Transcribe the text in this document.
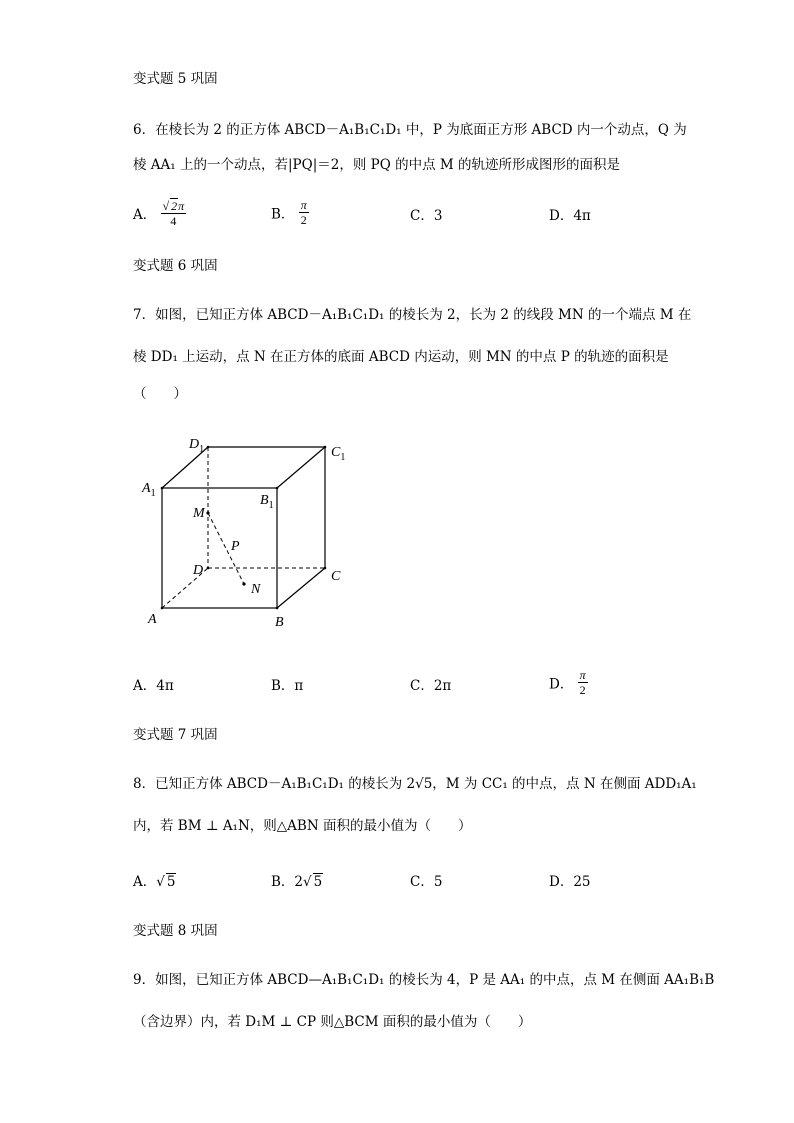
变式题 5 巩固
6．在棱长为 2 的正方体 ABCD－A₁B₁C₁D₁ 中，P 为底面正方形 ABCD 内一个动点，Q 为
棱 AA₁ 上的一个动点，若|PQ|＝2，则 PQ 的中点 M 的轨迹所形成图形的面积是
A． $\frac{√ 2\pi}{4}$	B． $\frac{\pi}{2}$	C．3	D．4π
变式题 6 巩固
7．如图，已知正方体 ABCD－A₁B₁C₁D₁ 的棱长为 2，长为 2 的线段 MN 的一个端点 M 在
棱 DD₁ 上运动，点 N 在正方体的底面 ABCD 内运动，则 MN 的中点 P 的轨迹的面积是
（　　）
$D_1$	$C_1$
$A_1$	$B_1$
M
P
D
N
C
A	B
A．4π	B．π	C．2π	D． $\frac{\pi}{2}$
变式题 7 巩固
8．已知正方体 ABCD－A₁B₁C₁D₁ 的棱长为 2√5，M 为 CC₁ 的中点，点 N 在侧面 ADD₁A₁
内，若 BM ⊥ A₁N，则△ABN 面积的最小值为（　　）
A．√ 5	B．2√ 5	C．5	D．25
变式题 8 巩固
9．如图，已知正方体 ABCD—A₁B₁C₁D₁ 的棱长为 4，P 是 AA₁ 的中点，点 M 在侧面 AA₁B₁B
（含边界）内，若 D₁M ⊥ CP 则△BCM 面积的最小值为（　　）
